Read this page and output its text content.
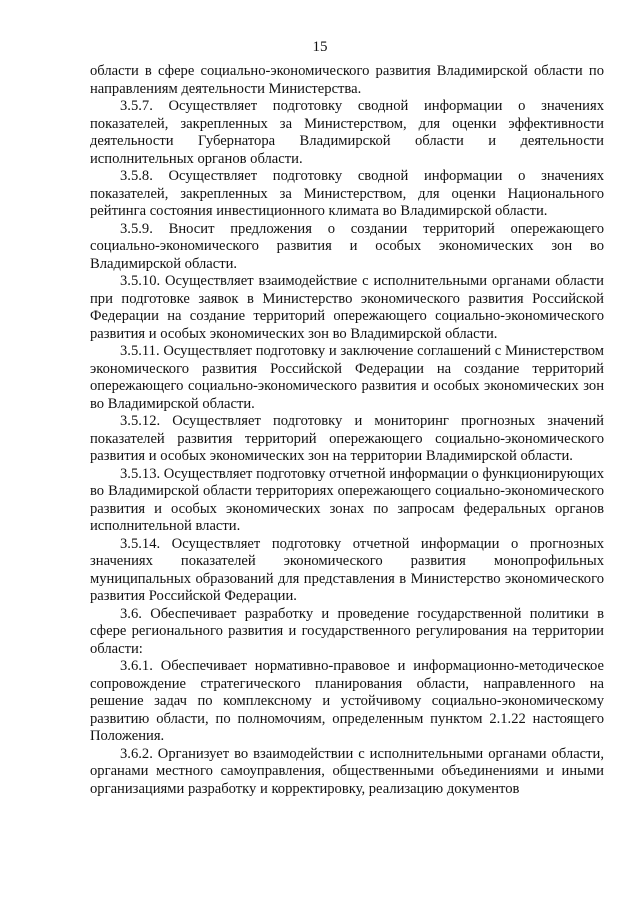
15

области в сфере социально-экономического развития Владимирской области по направлениям деятельности Министерства.

3.5.7. Осуществляет подготовку сводной информации о значениях показателей, закрепленных за Министерством, для оценки эффективности деятельности Губернатора Владимирской области и деятельности исполнительных органов области.

3.5.8. Осуществляет подготовку сводной информации о значениях показателей, закрепленных за Министерством, для оценки Национального рейтинга состояния инвестиционного климата во Владимирской области.

3.5.9. Вносит предложения о создании территорий опережающего социально-экономического развития и особых экономических зон во Владимирской области.

3.5.10. Осуществляет взаимодействие с исполнительными органами области при подготовке заявок в Министерство экономического развития Российской Федерации на создание территорий опережающего социально-экономического развития и особых экономических зон во Владимирской области.

3.5.11. Осуществляет подготовку и заключение соглашений с Министерством экономического развития Российской Федерации на создание территорий опережающего социально-экономического развития и особых экономических зон во Владимирской области.

3.5.12. Осуществляет подготовку и мониторинг прогнозных значений показателей развития территорий опережающего социально-экономического развития и особых экономических зон на территории Владимирской области.

3.5.13. Осуществляет подготовку отчетной информации о функционирующих во Владимирской области территориях опережающего социально-экономического развития и особых экономических зонах по запросам федеральных органов исполнительной власти.

3.5.14. Осуществляет подготовку отчетной информации о прогнозных значениях показателей экономического развития монопрофильных муниципальных образований для представления в Министерство экономического развития Российской Федерации.

3.6. Обеспечивает разработку и проведение государственной политики в сфере регионального развития и государственного регулирования на территории области:

3.6.1. Обеспечивает нормативно-правовое и информационно-методическое сопровождение стратегического планирования области, направленного на решение задач по комплексному и устойчивому социально-экономическому развитию области, по полномочиям, определенным пунктом 2.1.22 настоящего Положения.

3.6.2. Организует во взаимодействии с исполнительными органами области, органами местного самоуправления, общественными объединениями и иными организациями разработку и корректировку, реализацию документов
